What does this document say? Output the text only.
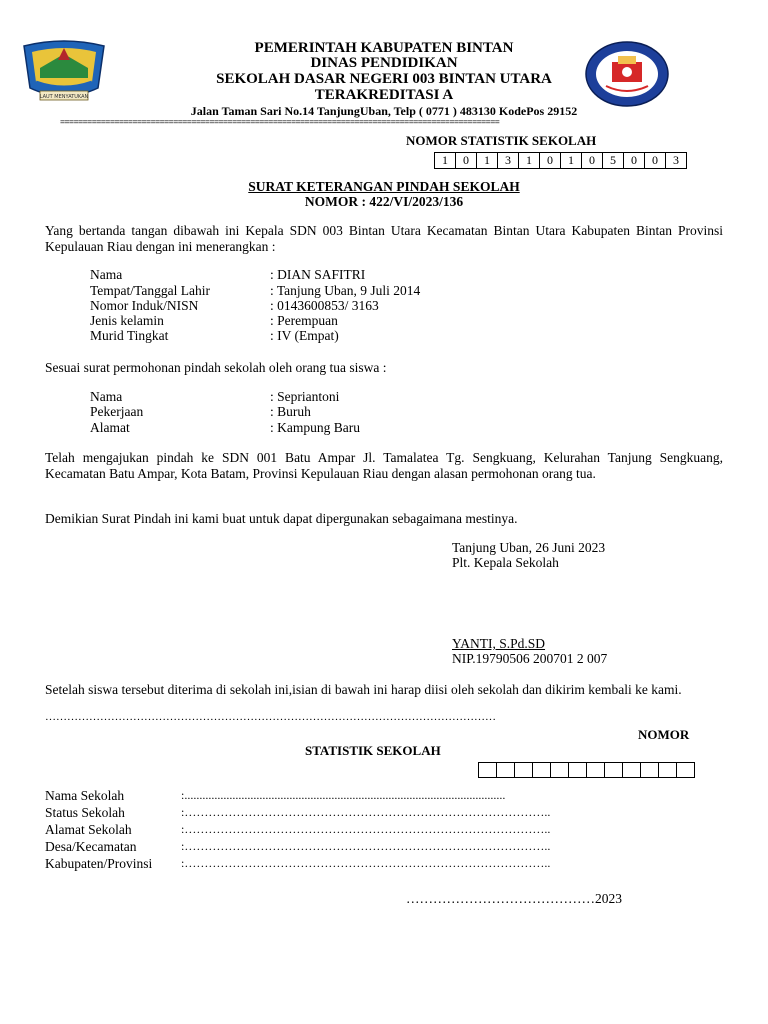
LAUT MENYATUKAN
PEMERINTAH KABUPATEN BINTAN
DINAS PENDIDIKAN
SEKOLAH DASAR NEGERI 003 BINTAN UTARA
TERAKREDITASI A
Jalan Taman Sari No.14 TanjungUban, Telp ( 0771 ) 483130 KodePos 29152
=================================================================================================
NOMOR STATISTIK SEKOLAH
1	0	1	3	1	0	1	0	5	0	0	3
SURAT KETERANGAN PINDAH SEKOLAH
NOMOR : 422/VI/2023/136
Yang bertanda tangan dibawah ini Kepala SDN 003 Bintan Utara Kecamatan Bintan Utara Kabupaten Bintan Provinsi Kepulauan Riau dengan ini menerangkan :
Nama	: DIAN SAFITRI
Tempat/Tanggal Lahir	: Tanjung Uban, 9 Juli 2014
Nomor Induk/NISN	: 0143600853/ 3163
Jenis kelamin	: Perempuan
Murid Tingkat	: IV (Empat)
Sesuai surat permohonan pindah sekolah oleh orang tua siswa :
Nama	: Sepriantoni
Pekerjaan	: Buruh
Alamat	: Kampung Baru
Telah mengajukan pindah ke SDN 001 Batu Ampar Jl. Tamalatea Tg. Sengkuang, Kelurahan Tanjung Sengkuang, Kecamatan Batu Ampar, Kota Batam, Provinsi Kepulauan Riau dengan alasan permohonan orang tua.
Demikian Surat Pindah ini kami buat untuk dapat dipergunakan sebagaimana mestinya.
Tanjung Uban, 26 Juni 2023
Plt. Kepala Sekolah
YANTI, S.Pd.SD
NIP.19790506 200701 2 007
Setelah siswa tersebut diterima di sekolah ini,isian di bawah ini harap diisi oleh sekolah dan dikirim kembali ke kami.
……………………………………………………………………………………………………………
NOMOR
STATISTIK SEKOLAH
Nama Sekolah	:...........................................................................................................
Status Sekolah	:………………………………………………………………………………..
Alamat Sekolah	:………………………………………………………………………………..
Desa/Kecamatan	:………………………………………………………………………………..
Kabupaten/Provinsi	:………………………………………………………………………………..
……………………………………2023
